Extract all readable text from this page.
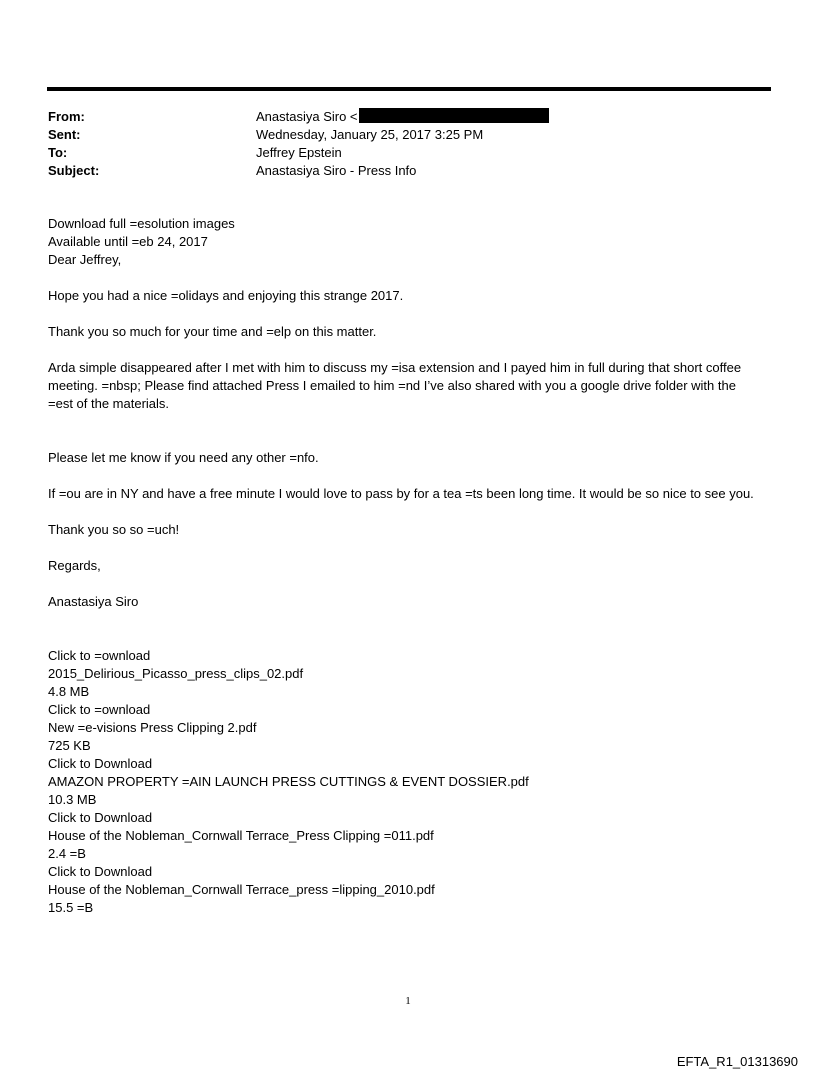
From:	Anastasiya Siro <
Sent:	Wednesday, January 25, 2017 3:25 PM
To:	Jeffrey Epstein
Subject:	Anastasiya Siro - Press Info

Download full =esolution images

Available until =eb 24, 2017

Dear Jeffrey,

Hope you had a nice =olidays and enjoying this strange 2017.

Thank you so much for your time and =elp on this matter.

Arda simple disappeared after I met with him to discuss my =isa extension and I payed him in full during that short coffee meeting. =nbsp; Please find attached Press I emailed to him =nd I’ve also shared with you a google drive folder with the =est of the materials.

Please let me know if you need any other =nfo.

If =ou are in NY and have a free minute I would love to pass by for a tea =ts been long time. It would be so nice to see you.

Thank you so so =uch!

Regards,

Anastasiya Siro

Click to =ownload

2015_Delirious_Picasso_press_clips_02.pdf

4.8 MB

Click to =ownload

New =e-visions Press Clipping 2.pdf

725 KB

Click to Download

AMAZON PROPERTY =AIN LAUNCH PRESS CUTTINGS & EVENT DOSSIER.pdf

10.3 MB

Click to Download

House of the Nobleman_Cornwall Terrace_Press Clipping =011.pdf

2.4 =B

Click to Download

House of the Nobleman_Cornwall Terrace_press =lipping_2010.pdf

15.5 =B

1
EFTA_R1_01313690
